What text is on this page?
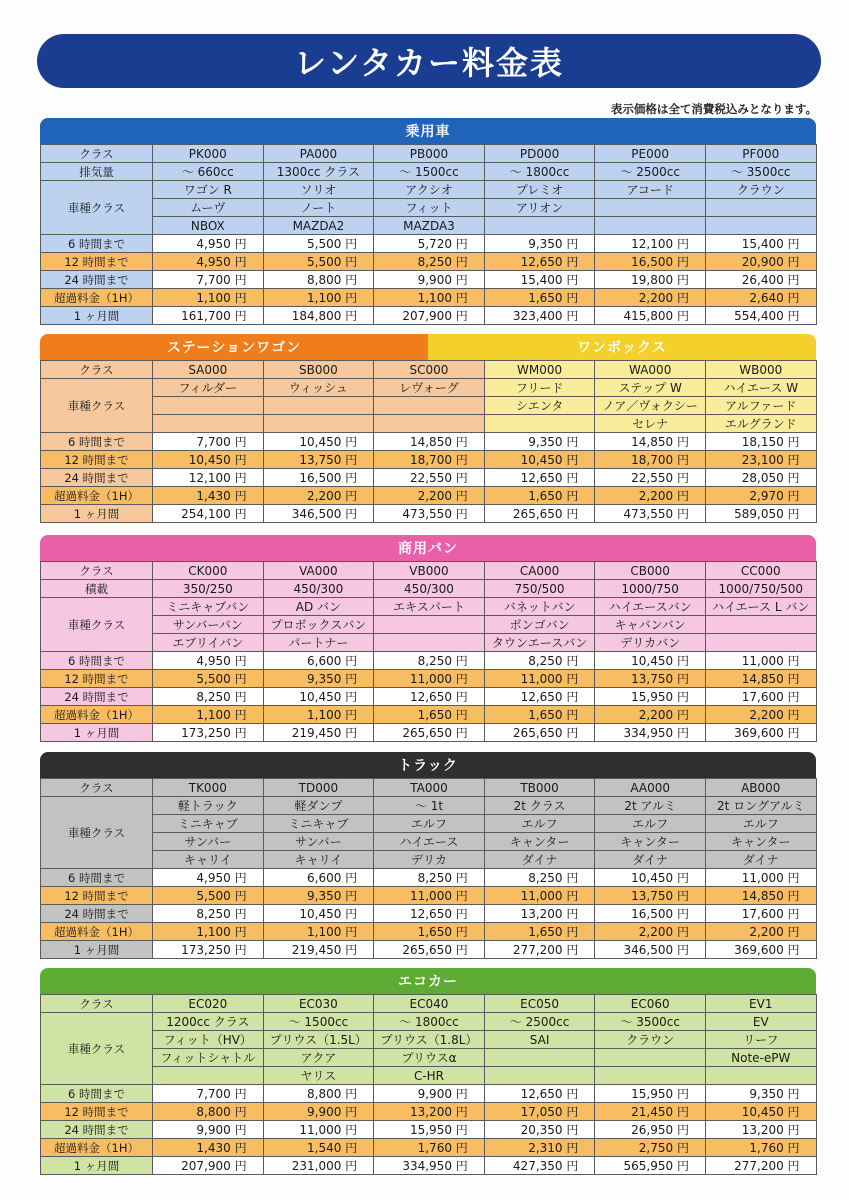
レンタカー料金表
表示価格は全て消費税込みとなります。
乗用車
クラス	PK000	PA000	PB000	PD000	PE000	PF000
排気量	～ 660cc	1300cc クラス	～ 1500cc	～ 1800cc	～ 2500cc	～ 3500cc
車種クラス	ワゴン R	ソリオ	アクシオ	プレミオ	アコード	クラウン
	ムーヴ	ノート	フィット	アリオン		
	NBOX	MAZDA2	MAZDA3			
6 時間まで	4,950 円	5,500 円	5,720 円	9,350 円	12,100 円	15,400 円
12 時間まで	4,950 円	5,500 円	8,250 円	12,650 円	16,500 円	20,900 円
24 時間まで	7,700 円	8,800 円	9,900 円	15,400 円	19,800 円	26,400 円
超過料金（1H）	1,100 円	1,100 円	1,100 円	1,650 円	2,200 円	2,640 円
1 ヶ月間	161,700 円	184,800 円	207,900 円	323,400 円	415,800 円	554,400 円
ステーションワゴン	ワンボックス
クラス	SA000	SB000	SC000	WM000	WA000	WB000
車種クラス	フィルダー	ウィッシュ	レヴォーグ	フリード	ステップ W	ハイエース W
				シエンタ	ノア／ヴォクシー	アルファード
					セレナ	エルグランド
6 時間まで	7,700 円	10,450 円	14,850 円	9,350 円	14,850 円	18,150 円
12 時間まで	10,450 円	13,750 円	18,700 円	10,450 円	18,700 円	23,100 円
24 時間まで	12,100 円	16,500 円	22,550 円	12,650 円	22,550 円	28,050 円
超過料金（1H）	1,430 円	2,200 円	2,200 円	1,650 円	2,200 円	2,970 円
1 ヶ月間	254,100 円	346,500 円	473,550 円	265,650 円	473,550 円	589,050 円
商用バン
クラス	CK000	VA000	VB000	CA000	CB000	CC000
積載	350/250	450/300	450/300	750/500	1000/750	1000/750/500
車種クラス	ミニキャブバン	AD バン	エキスパート	バネットバン	ハイエースバン	ハイエース L バン
	サンバーバン	プロボックスバン		ボンゴバン	キャバンバン	
	エブリイバン	パートナー		タウンエースバン	デリカバン	
6 時間まで	4,950 円	6,600 円	8,250 円	8,250 円	10,450 円	11,000 円
12 時間まで	5,500 円	9,350 円	11,000 円	11,000 円	13,750 円	14,850 円
24 時間まで	8,250 円	10,450 円	12,650 円	12,650 円	15,950 円	17,600 円
超過料金（1H）	1,100 円	1,100 円	1,650 円	1,650 円	2,200 円	2,200 円
1 ヶ月間	173,250 円	219,450 円	265,650 円	265,650 円	334,950 円	369,600 円
トラック
クラス	TK000	TD000	TA000	TB000	AA000	AB000
車種クラス	軽トラック	軽ダンプ	～ 1t	2t クラス	2t アルミ	2t ロングアルミ
	ミニキャブ	ミニキャブ	エルフ	エルフ	エルフ	エルフ
	サンバー	サンバー	ハイエース	キャンター	キャンター	キャンター
	キャリイ	キャリイ	デリカ	ダイナ	ダイナ	ダイナ
6 時間まで	4,950 円	6,600 円	8,250 円	8,250 円	10,450 円	11,000 円
12 時間まで	5,500 円	9,350 円	11,000 円	11,000 円	13,750 円	14,850 円
24 時間まで	8,250 円	10,450 円	12,650 円	13,200 円	16,500 円	17,600 円
超過料金（1H）	1,100 円	1,100 円	1,650 円	1,650 円	2,200 円	2,200 円
1 ヶ月間	173,250 円	219,450 円	265,650 円	277,200 円	346,500 円	369,600 円
エコカー
クラス	EC020	EC030	EC040	EC050	EC060	EV1
車種クラス	1200cc クラス	～ 1500cc	～ 1800cc	～ 2500cc	～ 3500cc	EV
	フィット（HV）	プリウス（1.5L）	プリウス（1.8L）	SAI	クラウン	リーフ
	フィットシャトル	アクア	プリウスα			Note-ePW
		ヤリス	C-HR			
6 時間まで	7,700 円	8,800 円	9,900 円	12,650 円	15,950 円	9,350 円
12 時間まで	8,800 円	9,900 円	13,200 円	17,050 円	21,450 円	10,450 円
24 時間まで	9,900 円	11,000 円	15,950 円	20,350 円	26,950 円	13,200 円
超過料金（1H）	1,430 円	1,540 円	1,760 円	2,310 円	2,750 円	1,760 円
1 ヶ月間	207,900 円	231,000 円	334,950 円	427,350 円	565,950 円	277,200 円
